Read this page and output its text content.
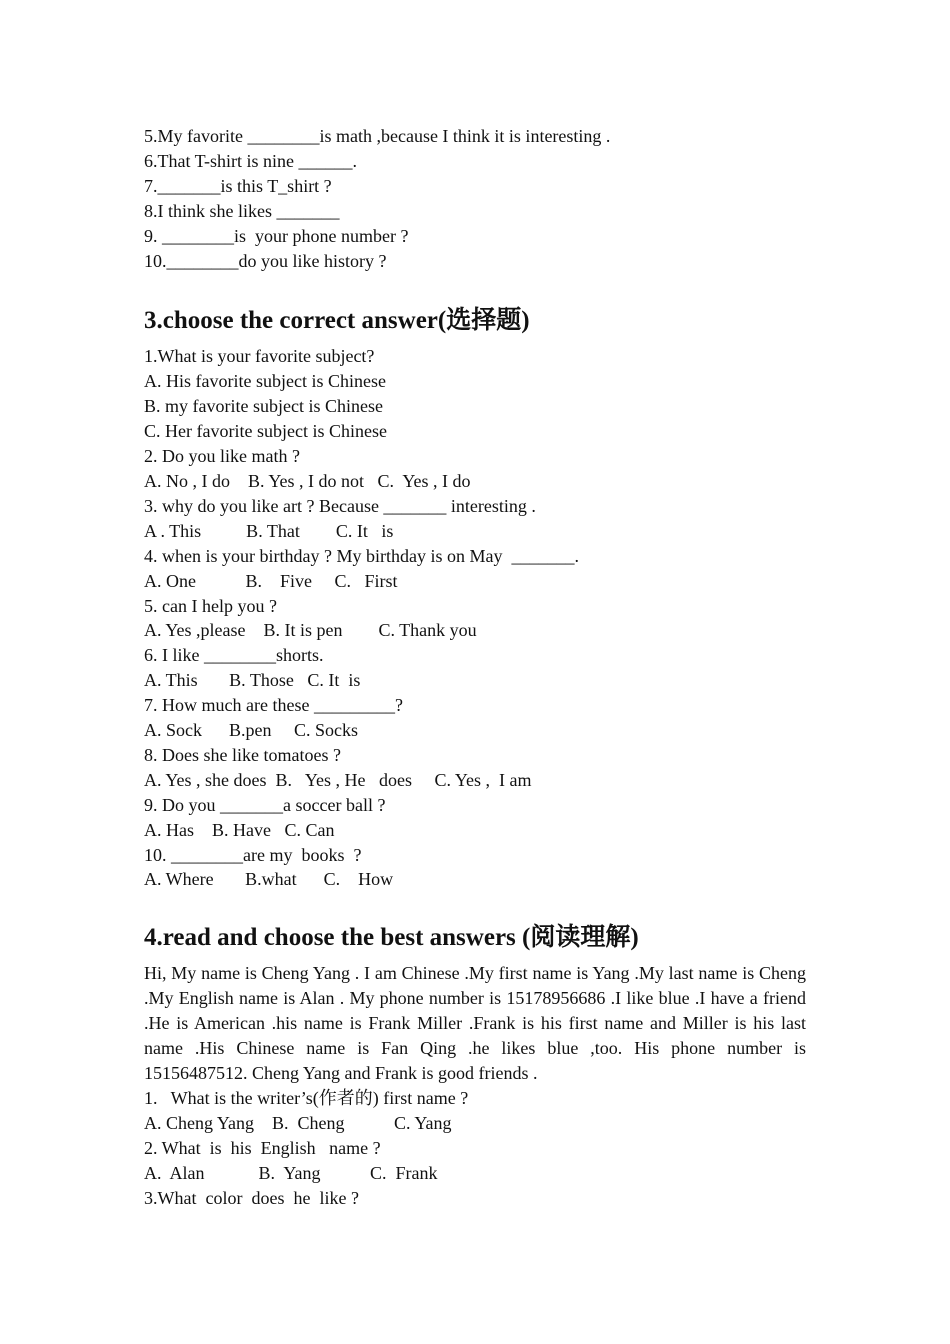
5.My favorite ________is math ,because I think it is interesting .

6.That T-shirt is nine ______.

7._______is this T_shirt ?

8.I think she likes _______

9. ________is  your phone number ?

10.________do you like history ?

3.choose the correct answer(选择题)

1.What is your favorite subject?

A. His favorite subject is Chinese

B. my favorite subject is Chinese

C. Her favorite subject is Chinese

2. Do you like math ?

A. No , I do    B. Yes , I do not   C.  Yes , I do

3. why do you like art ? Because _______ interesting .

A . This          B. That        C. It   is

4. when is your birthday ? My birthday is on May  _______.

A. One           B.    Five     C.   First

5. can I help you ?

A. Yes ,please    B. It is pen        C. Thank you

6. I like ________shorts.

A. This       B. Those   C. It  is

7. How much are these _________?

A. Sock      B.pen     C. Socks

8. Does she like tomatoes ?

A. Yes , she does  B.   Yes , He   does     C. Yes ,  I am

9. Do you _______a soccer ball ?

A. Has    B. Have   C. Can

10. ________are my  books  ?

A. Where       B.what      C.    How

4.read and choose the best answers (阅读理解)

Hi, My name is Cheng Yang . I am Chinese .My first name is Yang .My last name is Cheng .My English name is Alan . My phone number is 15178956686 .I like blue .I have a friend .He is American .his name is Frank Miller .Frank is his first name and Miller is his last name .His Chinese name is Fan Qing .he likes blue ,too. His phone number is 15156487512. Cheng Yang and Frank is good friends .

1.   What is the writer’s(作者的) first name ?

A. Cheng Yang    B.  Cheng           C. Yang

2. What  is  his  English   name ?

A.  Alan            B.  Yang           C.  Frank

3.What  color  does  he  like ?
